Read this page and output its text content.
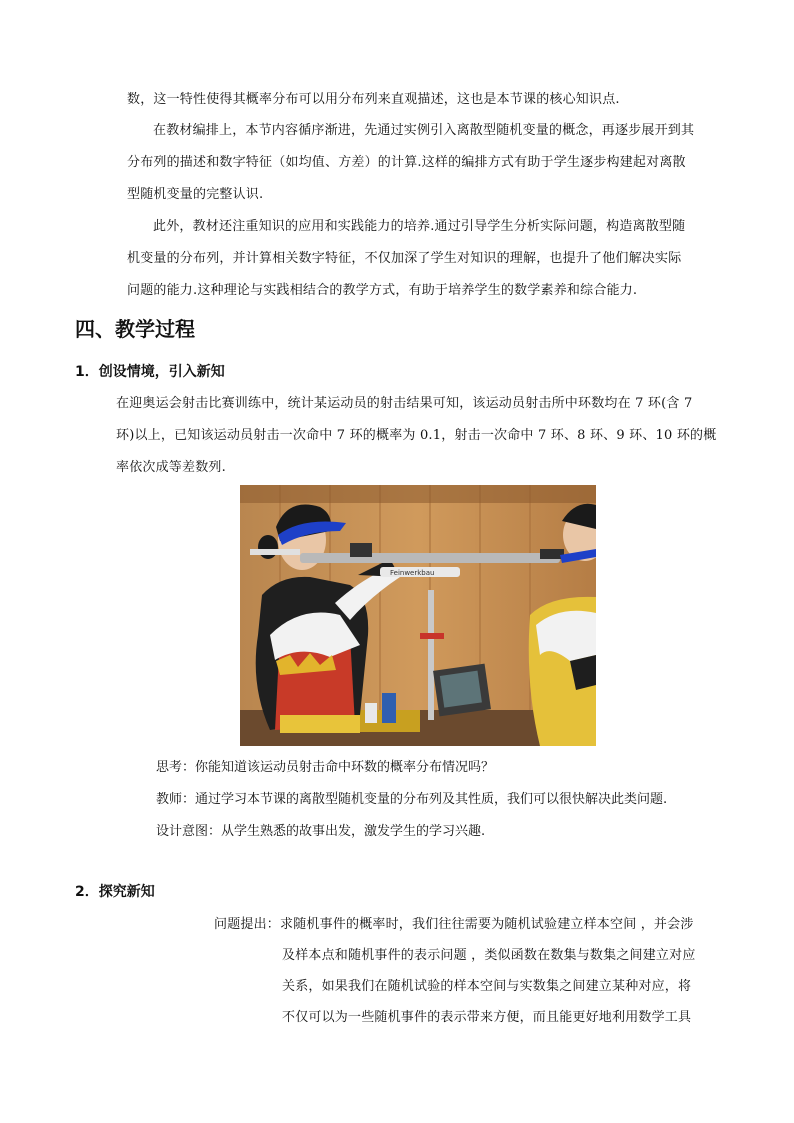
数，这一特性使得其概率分布可以用分布列来直观描述，这也是本节课的核心知识点.
在教材编排上，本节内容循序渐进，先通过实例引入离散型随机变量的概念，再逐步展开到其
分布列的描述和数字特征（如均值、方差）的计算.这样的编排方式有助于学生逐步构建起对离散
型随机变量的完整认识.
此外，教材还注重知识的应用和实践能力的培养.通过引导学生分析实际问题，构造离散型随
机变量的分布列，并计算相关数字特征，不仅加深了学生对知识的理解，也提升了他们解决实际
问题的能力.这种理论与实践相结合的教学方式，有助于培养学生的数学素养和综合能力.
四、教学过程
1．创设情境，引入新知
在迎奥运会射击比赛训练中，统计某运动员的射击结果可知，该运动员射击所中环数均在 7 环(含 7
环)以上，已知该运动员射击一次命中 7 环的概率为 0.1，射击一次命中 7 环、8 环、9 环、10 环的概
率依次成等差数列.
Feinwerkbau
思考：你能知道该运动员射击命中环数的概率分布情况吗？
教师：通过学习本节课的离散型随机变量的分布列及其性质，我们可以很快解决此类问题.
设计意图：从学生熟悉的故事出发，激发学生的学习兴趣.
2．探究新知
问题提出：求随机事件的概率时，我们往往需要为随机试验建立样本空间 ，并会涉
及样本点和随机事件的表示问题 ，类似函数在数集与数集之间建立对应
关系，如果我们在随机试验的样本空间与实数集之间建立某种对应，将
不仅可以为一些随机事件的表示带来方便，而且能更好地利用数学工具
